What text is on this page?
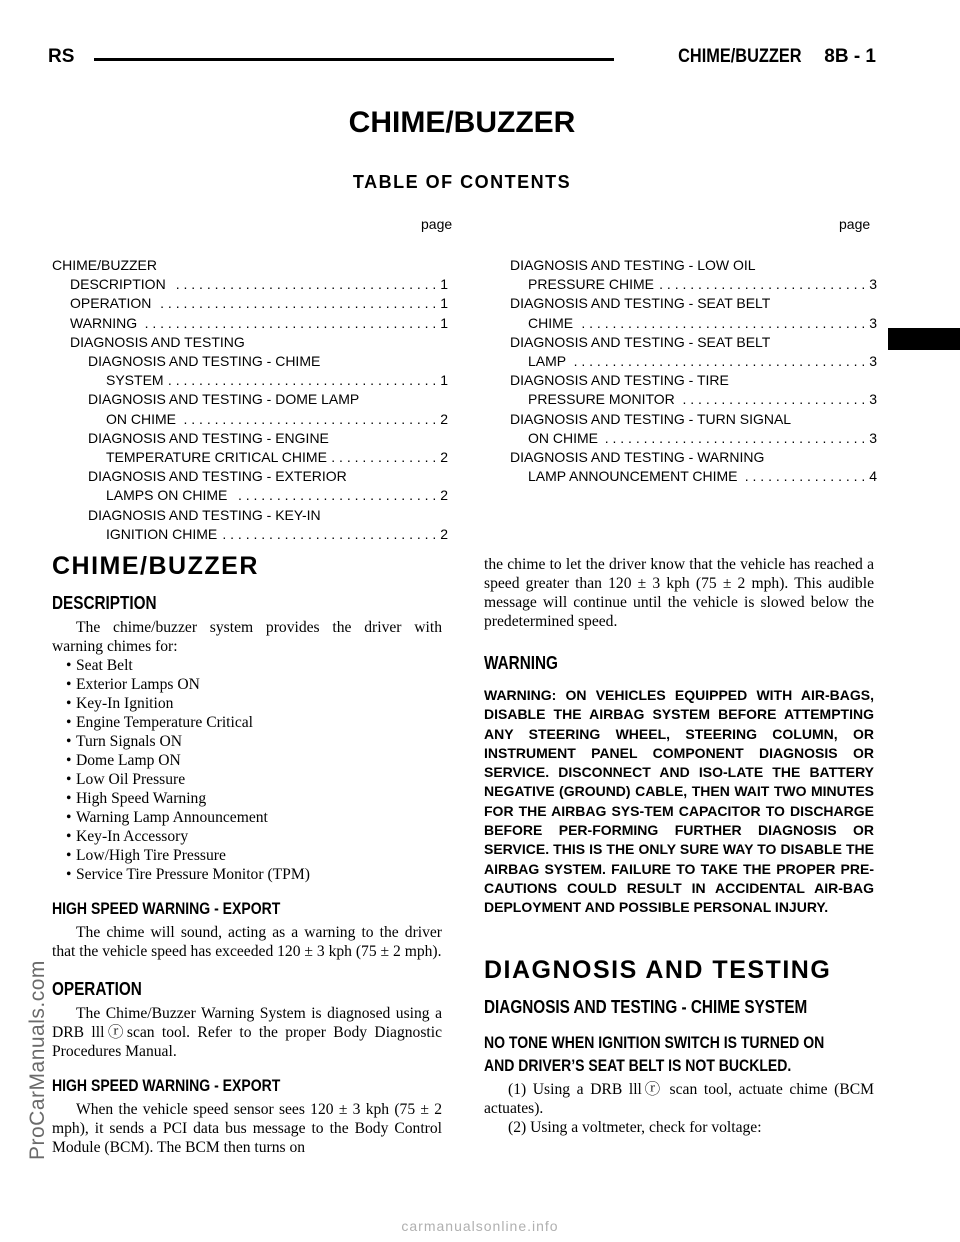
RS	CHIME/BUZZER 8B - 1
ProCarManuals.com
carmanualsonline.info
CHIME/BUZZER
TABLE OF CONTENTS
page	page
CHIME/BUZZER
DESCRIPTION . . . . . . . . . . . . . . . . . . . . . . . . . . . . . . . . . . 1
OPERATION . . . . . . . . . . . . . . . . . . . . . . . . . . . . . . . . . . . . 1
WARNING . . . . . . . . . . . . . . . . . . . . . . . . . . . . . . . . . . . . . . 1
DIAGNOSIS AND TESTING
DIAGNOSIS AND TESTING - CHIME
SYSTEM . . . . . . . . . . . . . . . . . . . . . . . . . . . . . . . . . . . 1
DIAGNOSIS AND TESTING - DOME LAMP
ON CHIME . . . . . . . . . . . . . . . . . . . . . . . . . . . . . . . . . 2
DIAGNOSIS AND TESTING - ENGINE
TEMPERATURE CRITICAL CHIME . . . . . . . . . . . . . . 2
DIAGNOSIS AND TESTING - EXTERIOR
LAMPS ON CHIME . . . . . . . . . . . . . . . . . . . . . . . . . . 2
DIAGNOSIS AND TESTING - KEY-IN
IGNITION CHIME . . . . . . . . . . . . . . . . . . . . . . . . . . . . 2
DIAGNOSIS AND TESTING - LOW OIL
PRESSURE CHIME . . . . . . . . . . . . . . . . . . . . . . . . . . . 3
DIAGNOSIS AND TESTING - SEAT BELT
CHIME . . . . . . . . . . . . . . . . . . . . . . . . . . . . . . . . . . . . . 3
DIAGNOSIS AND TESTING - SEAT BELT
LAMP . . . . . . . . . . . . . . . . . . . . . . . . . . . . . . . . . . . . . . 3
DIAGNOSIS AND TESTING - TIRE
PRESSURE MONITOR . . . . . . . . . . . . . . . . . . . . . . . . 3
DIAGNOSIS AND TESTING - TURN SIGNAL
ON CHIME . . . . . . . . . . . . . . . . . . . . . . . . . . . . . . . . . . 3
DIAGNOSIS AND TESTING - WARNING
LAMP ANNOUNCEMENT CHIME . . . . . . . . . . . . . . . . 4
CHIME/BUZZER
DESCRIPTION

The chime/buzzer system provides the driver with warning chimes for:

• Seat Belt
• Exterior Lamps ON
• Key-In Ignition
• Engine Temperature Critical
• Turn Signals ON
• Dome Lamp ON
• Low Oil Pressure
• High Speed Warning
• Warning Lamp Announcement
• Key-In Accessory
• Low/High Tire Pressure
• Service Tire Pressure Monitor (TPM)
HIGH SPEED WARNING - EXPORT

The chime will sound, acting as a warning to the driver that the vehicle speed has exceeded 120 ± 3 kph (75 ± 2 mph).

OPERATION

The Chime/Buzzer Warning System is diagnosed using a DRB lllⓡscan tool. Refer to the proper Body Diagnostic Procedures Manual.

HIGH SPEED WARNING - EXPORT

When the vehicle speed sensor sees 120 ± 3 kph (75 ± 2 mph), it sends a PCI data bus message to the Body Control Module (BCM). The BCM then turns on

the chime to let the driver know that the vehicle has reached a speed greater than 120 ± 3 kph (75 ± 2 mph). This audible message will continue until the vehicle is slowed below the predetermined speed.

WARNING

WARNING: ON VEHICLES EQUIPPED WITH AIR-BAGS, DISABLE THE AIRBAG SYSTEM BEFORE ATTEMPTING ANY STEERING WHEEL, STEERING COLUMN, OR INSTRUMENT PANEL COMPONENT DIAGNOSIS OR SERVICE. DISCONNECT AND ISO-LATE THE BATTERY NEGATIVE (GROUND) CABLE, THEN WAIT TWO MINUTES FOR THE AIRBAG SYS-TEM CAPACITOR TO DISCHARGE BEFORE PER-FORMING FURTHER DIAGNOSIS OR SERVICE. THIS IS THE ONLY SURE WAY TO DISABLE THE AIRBAG SYSTEM. FAILURE TO TAKE THE PROPER PRE-CAUTIONS COULD RESULT IN ACCIDENTAL AIR-BAG DEPLOYMENT AND POSSIBLE PERSONAL INJURY.

DIAGNOSIS AND TESTING
DIAGNOSIS AND TESTING - CHIME SYSTEM
NO TONE WHEN IGNITION SWITCH IS TURNED ON
AND DRIVER’S SEAT BELT IS NOT BUCKLED.

(1) Using a DRB lllⓡ scan tool, actuate chime (BCM actuates).

(2) Using a voltmeter, check for voltage:
